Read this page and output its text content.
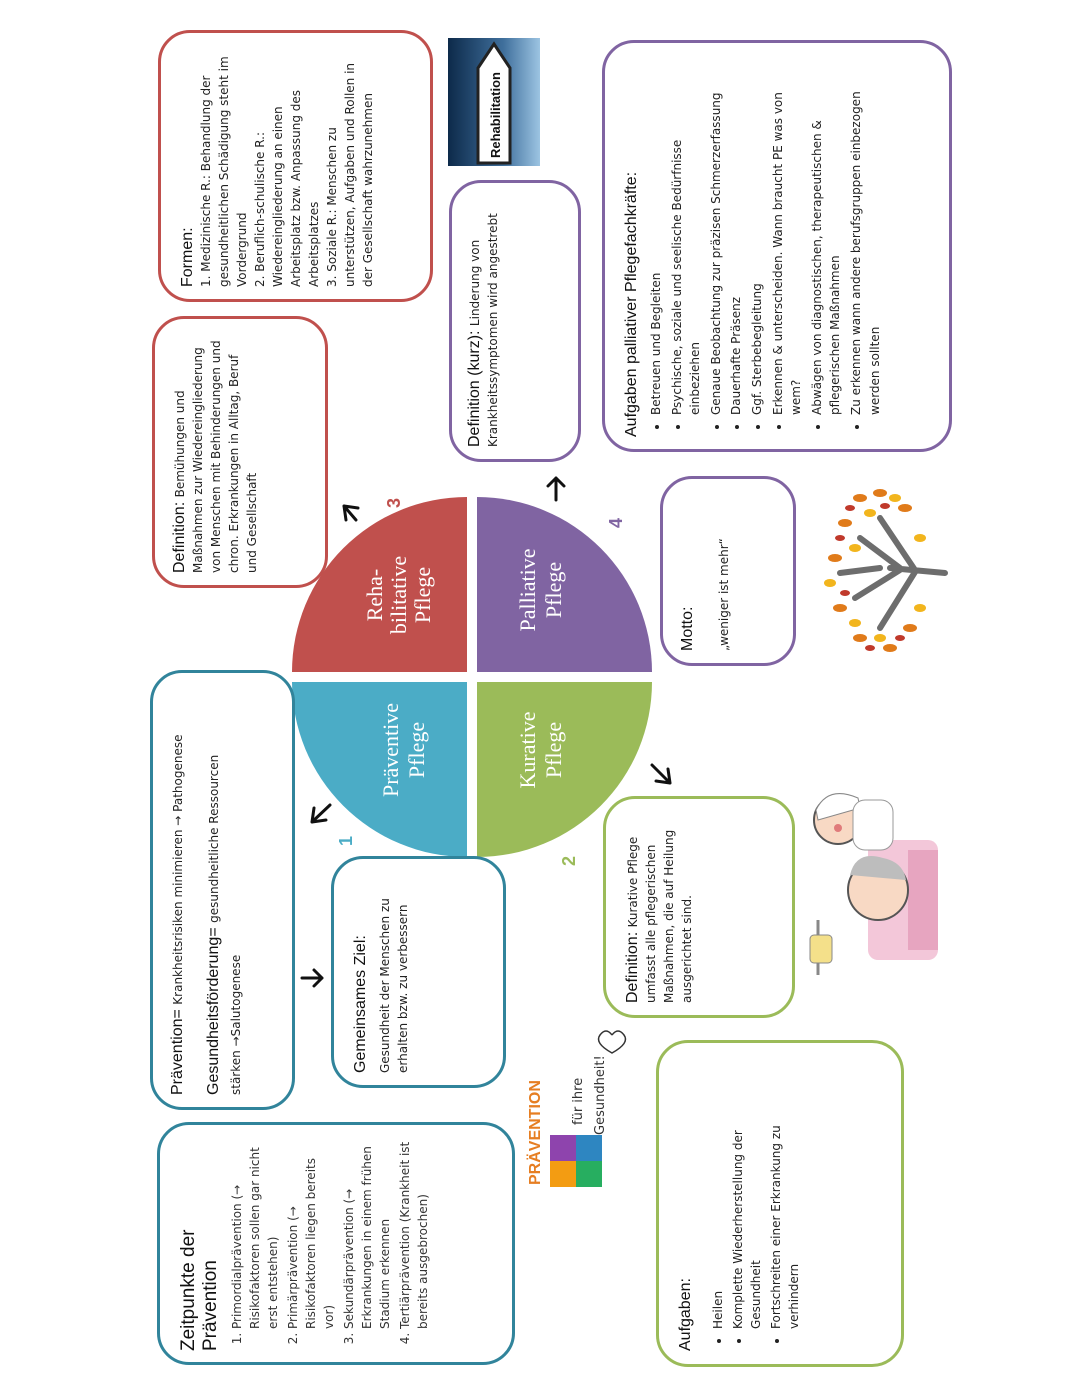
Reha- bilitative Pflege	Palliative Pflege
Präventive Pflege	Kurative Pflege
1
2
3
4
Zeitpunkte der Prävention 1. Primordialprävention (→ Risikofaktoren sollen gar nicht erst entstehen) 2. Primärprävention (→ Risikofaktoren liegen bereits vor) 3. Sekundärprävention (→ Erkrankungen in einem frühen Stadium erkennen 4. Tertiärprävention (Krankheit ist bereits ausgebrochen)
Prävention= Krankheitsrisiken minimieren → Pathogenese
Gesundheitsförderung= gesundheitliche Ressourcen
stärken →Salutogenese	Gemeinsames Ziel: Gesundheit der Menschen zu erhalten bzw. zu verbessern	Definition: Kurative Pflege umfasst alle pflegerischen Maßnahmen, die auf Heilung ausgerichtet sind.
Aufgaben: • Heilen • Komplette Wiederherstellung der Gesundheit • Fortschreiten einer Erkrankung zu verhindern
Definition: Bemühungen und Maßnahmen zur Wiedereingliederung von Menschen mit Behinderungen und chron. Erkrankungen in Alltag, Beruf und Gesellschaft
Formen: 1. Medizinische R.: Behandlung der gesundheitlichen Schädigung steht im Vordergrund 2. Beruflich-schulische R.: Wiedereingliederung an einen Arbeitsplatz bzw. Anpassung des Arbeitsplatzes 3. Soziale R.: Menschen zu unterstützen, Aufgaben und Rollen in der Gesellschaft wahrzunehmen	Rehabilitation
Definition (kurz): Linderung von Krankheitssymptomen wird angestrebt
Motto: „weniger ist mehr“
Aufgaben palliativer Pflegefachkräfte: • Betreuen und Begleiten • Psychische, soziale und seelische Bedürfnisse einbeziehen • Genaue Beobachtung zur präzisen Schmerzerfassung • Dauerhafte Präsenz • Ggf. Sterbebegleitung • Erkennen & unterscheiden. Wann braucht PE was von wem? • Abwägen von diagnostischen, therapeutischen & pflegerischen Maßnahmen • Zu erkennen wann andere berufsgruppen einbezogen werden sollten
PRÄVENTION für ihre Gesundheit!
